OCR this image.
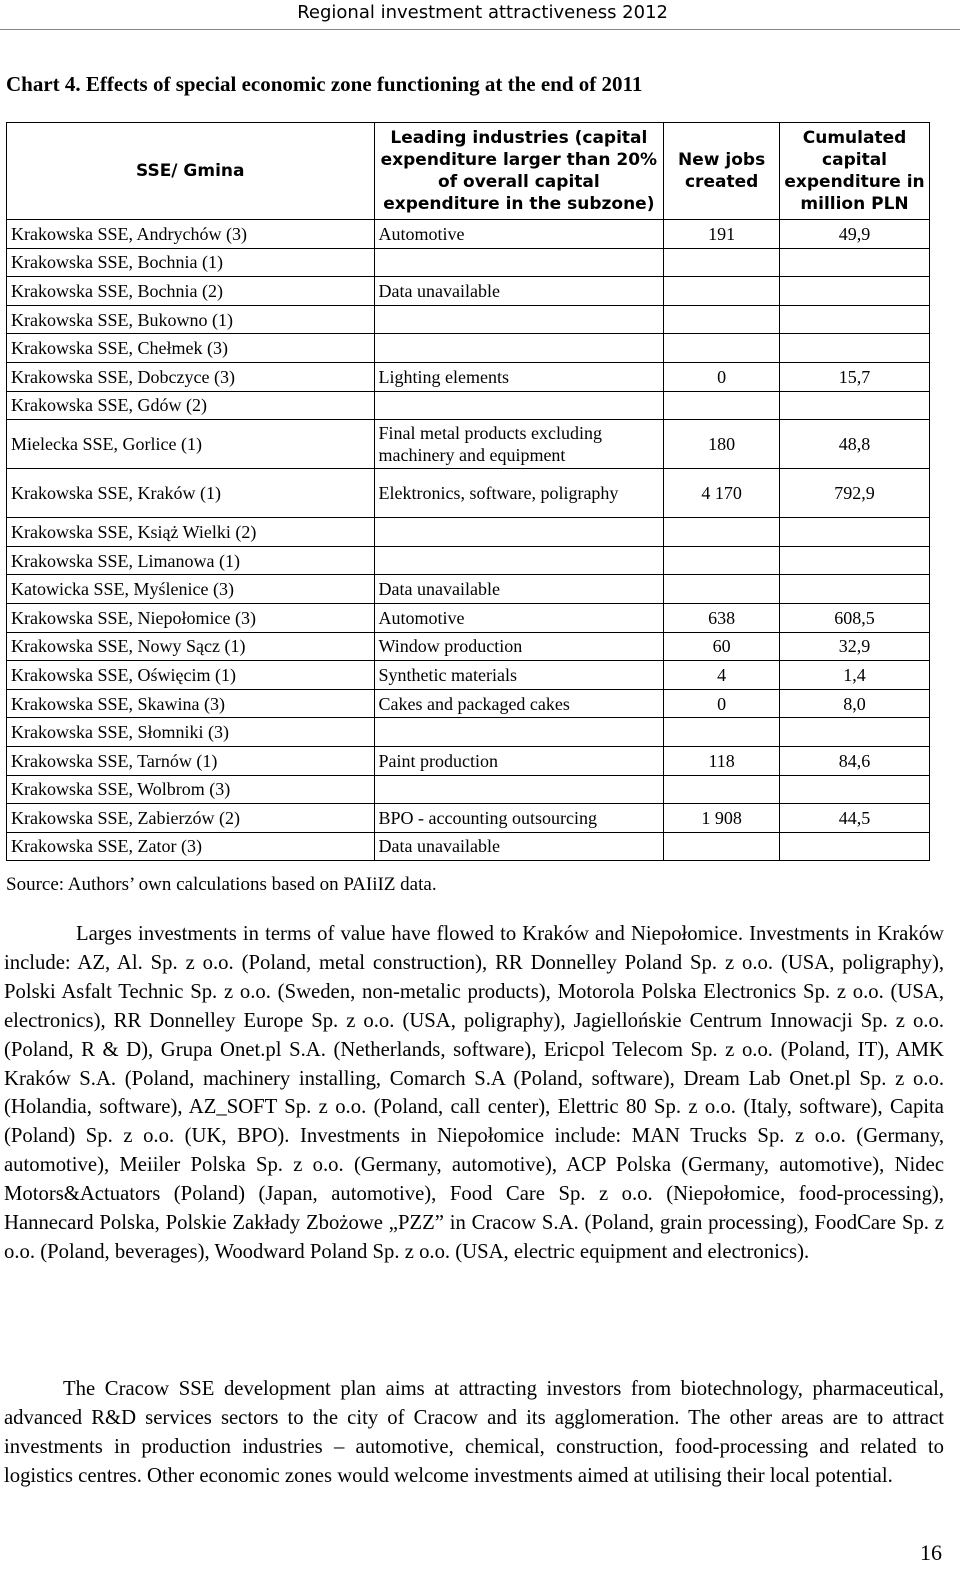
Regional investment attractiveness 2012
Chart 4. Effects of special economic zone functioning at the end of 2011
SSE/ Gmina	Leading industries (capital expenditure larger than 20% of overall capital expenditure in the subzone)	New jobs created	Cumulated capital expenditure in million PLN
Krakowska SSE, Andrychów (3)	Automotive	191	49,9
Krakowska SSE, Bochnia (1)			
Krakowska SSE, Bochnia (2)	Data unavailable		
Krakowska SSE, Bukowno (1)			
Krakowska SSE, Chełmek (3)			
Krakowska SSE, Dobczyce (3)	Lighting elements	0	15,7
Krakowska SSE, Gdów (2)			
Mielecka SSE, Gorlice (1)	Final metal products excluding machinery and equipment	180	48,8
Krakowska SSE, Kraków (1)	Elektronics, software, poligraphy	4 170	792,9
Krakowska SSE, Książ Wielki (2)			
Krakowska SSE, Limanowa (1)			
Katowicka SSE, Myślenice (3)	Data unavailable		
Krakowska SSE, Niepołomice (3)	Automotive	638	608,5
Krakowska SSE, Nowy Sącz (1)	Window production	60	32,9
Krakowska SSE, Oświęcim (1)	Synthetic materials	4	1,4
Krakowska SSE, Skawina (3)	Cakes and packaged cakes	0	8,0
Krakowska SSE, Słomniki (3)			
Krakowska SSE, Tarnów (1)	Paint production	118	84,6
Krakowska SSE, Wolbrom (3)			
Krakowska SSE, Zabierzów (2)	BPO - accounting outsourcing	1 908	44,5
Krakowska SSE, Zator (3)	Data unavailable		
Source: Authors’ own calculations based on PAIiIZ data.

Larges investments in terms of value have flowed to Kraków and Niepołomice. Investments in Kraków include: AZ, Al. Sp. z o.o. (Poland, metal construction), RR Donnelley Poland Sp. z o.o. (USA, poligraphy), Polski Asfalt Technic Sp. z o.o. (Sweden, non-metalic products), Motorola Polska Electronics Sp. z o.o. (USA, electronics), RR Donnelley Europe Sp. z o.o. (USA, poligraphy), Jagiellońskie Centrum Innowacji Sp. z o.o. (Poland, R & D), Grupa Onet.pl S.A. (Netherlands, software), Ericpol Telecom Sp. z o.o. (Poland, IT), AMK Kraków S.A. (Poland, machinery installing, Comarch S.A (Poland, software), Dream Lab Onet.pl Sp. z o.o. (Holandia, software), AZ_SOFT Sp. z o.o. (Poland, call center), Elettric 80 Sp. z o.o. (Italy, software), Capita (Poland) Sp. z o.o. (UK, BPO). Investments in Niepołomice include: MAN Trucks Sp. z o.o. (Germany, automotive), Meiiler Polska Sp. z o.o. (Germany, automotive), ACP Polska (Germany, automotive), Nidec Motors&Actuators (Poland) (Japan, automotive), Food Care Sp. z o.o. (Niepołomice, food-processing), Hannecard Polska, Polskie Zakłady Zbożowe „PZZ” in Cracow S.A. (Poland, grain processing), FoodCare Sp. z o.o. (Poland, beverages), Woodward Poland Sp. z o.o. (USA, electric equipment and electronics).

The Cracow SSE development plan aims at attracting investors from biotechnology, pharmaceutical, advanced R&D services sectors to the city of Cracow and its agglomeration. The other areas are to attract investments in production industries – automotive, chemical, construction, food-processing and related to logistics centres. Other economic zones would welcome investments aimed at utilising their local potential.

16
